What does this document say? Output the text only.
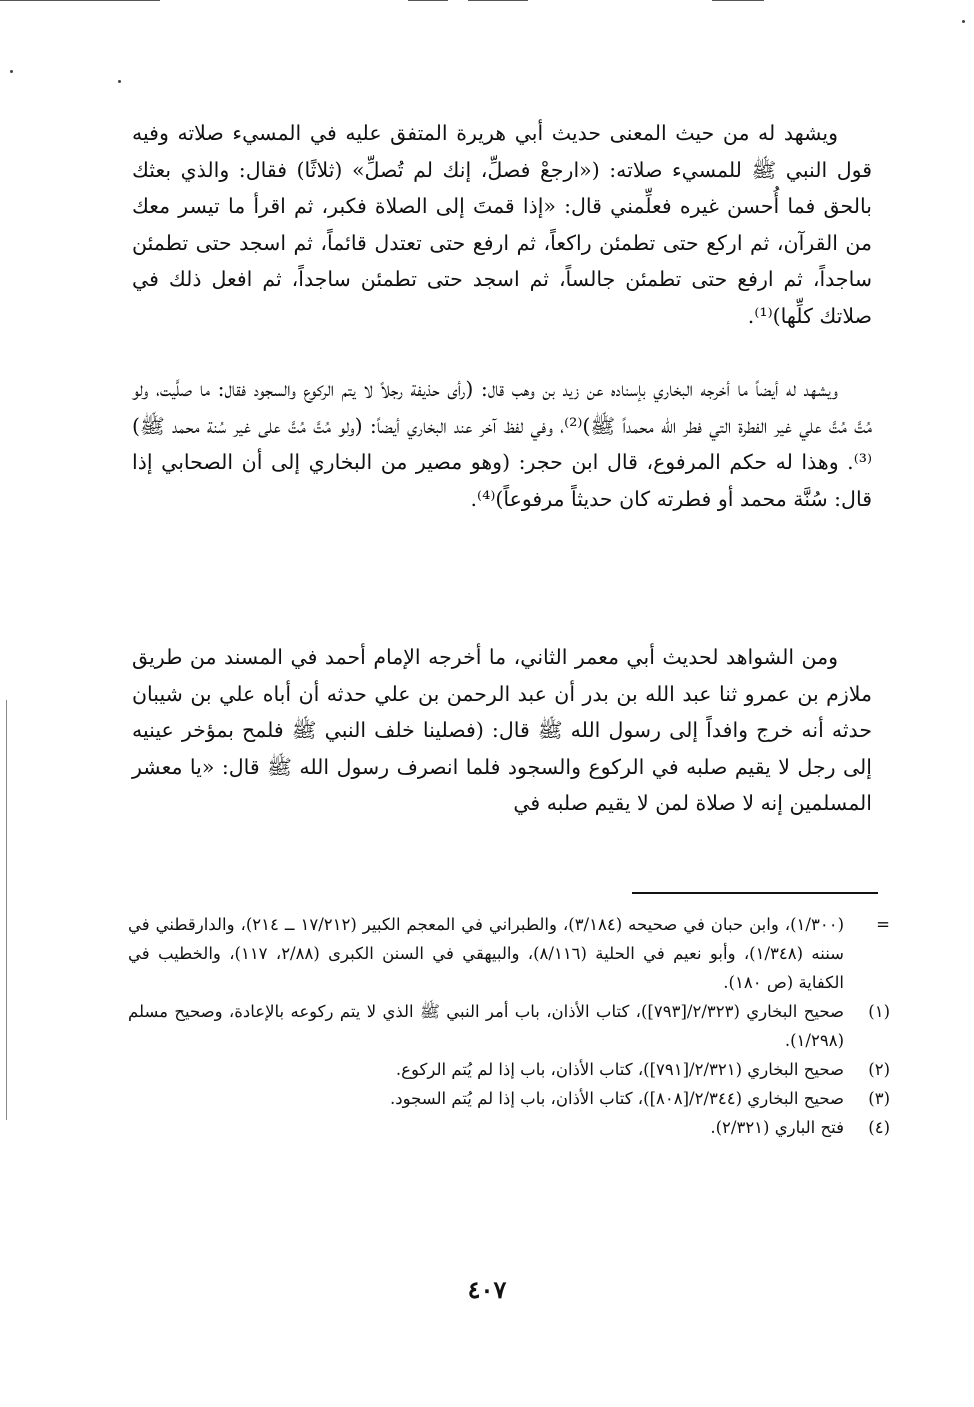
ويشهد له من حيث المعنى حديث أبي هريرة المتفق عليه في المسيء صلاته وفيه قول النبي ﷺ للمسيء صلاته: («ارجعْ فصلِّ، إنك لم تُصلِّ» (ثلاثًا) فقال: والذي بعثك بالحق فما أُحسن غيره فعلِّمني قال: «إذا قمتَ إلى الصلاة فكبر، ثم اقرأ ما تيسر معك من القرآن، ثم اركع حتى تطمئن راكعاً، ثم ارفع حتى تعتدل قائماً، ثم اسجد حتى تطمئن ساجداً، ثم ارفع حتى تطمئن جالساً، ثم اسجد حتى تطمئن ساجداً، ثم افعل ذلك في صلاتك كلِّها)⁽¹⁾.

ويشهد له أيضاً ما أخرجه البخاري بإسناده عن زيد بن وهب قال: (رأى حذيفة رجلاً لا يتم الركوع والسجود فقال: ما صلَّيت، ولو مُتَّ مُتَّ علي غير الفطرة التي فطر الله محمداً ﷺ)⁽²⁾، وفي لفظ آخر عند البخاري أيضاً: (ولو مُتَّ مُتَّ على غير سُنة محمد ﷺ)⁽³⁾. وهذا له حكم المرفوع، قال ابن حجر: (وهو مصير من البخاري إلى أن الصحابي إذا قال: سُنَّة محمد أو فطرته كان حديثاً مرفوعاً)⁽⁴⁾.

ومن الشواهد لحديث أبي معمر الثاني، ما أخرجه الإمام أحمد في المسند من طريق ملازم بن عمرو ثنا عبد الله بن بدر أن عبد الرحمن بن علي حدثه أن أباه علي بن شيبان حدثه أنه خرج وافداً إلى رسول الله ﷺ قال: (فصلينا خلف النبي ﷺ فلمح بمؤخر عينيه إلى رجل لا يقيم صلبه في الركوع والسجود فلما انصرف رسول الله ﷺ قال: «يا معشر المسلمين إنه لا صلاة لمن لا يقيم صلبه في

=
(١/٣٠٠)، وابن حبان في صحيحه (٣/١٨٤)، والطبراني في المعجم الكبير (١٧/٢١٢ ــ ٢١٤)، والدارقطني في سننه (١/٣٤٨)، وأبو نعيم في الحلية (٨/١١٦)، والبيهقي في السنن الكبرى (٢/٨٨، ١١٧)، والخطيب في الكفاية (ص ١٨٠).
(١)
صحيح البخاري (٢/٣٢٣/[٧٩٣])، كتاب الأذان، باب أمر النبي ﷺ الذي لا يتم ركوعه بالإعادة، وصحيح مسلم (١/٢٩٨).
(٢)
صحيح البخاري (٢/٣٢١/[٧٩١])، كتاب الأذان، باب إذا لم يُتم الركوع.
(٣)
صحيح البخاري (٢/٣٤٤/[٨٠٨])، كتاب الأذان، باب إذا لم يُتم السجود.
(٤)
فتح الباري (٢/٣٢١).
٤٠٧
